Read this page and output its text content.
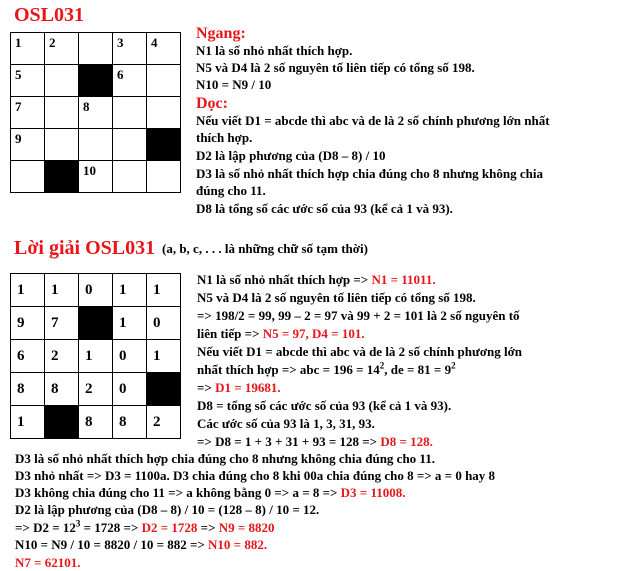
OSL031
1	2		3	4

5			6	

7		8		

9				

		10		

Ngang:
N1 là số nhỏ nhất thích hợp.
N5 và D4 là 2 số nguyên tố liên tiếp có tổng số 198.
N10 = N9 / 10
Dọc:
Nếu viết D1 = abcde thì abc và de là 2 số chính phương lớn nhất
thích hợp.
D2 là lập phương của (D8 – 8) / 10
D3 là số nhỏ nhất thích hợp chia đúng cho 8 nhưng không chia
đúng cho 11.
D8 là tổng số các ước số của 93 (kể cả 1 và 93).
Lời giải OSL031 (a, b, c, . . . là những chữ số tạm thời)
1	1	0	1	1

9	7		1	0

6	2	1	0	1

8	8	2	0	

1		8	8	2
N1 là số nhỏ nhất thích hợp => N1 = 11011.
N5 và D4 là 2 số nguyên tố liên tiếp có tổng số 198.
=> 198/2 = 99, 99 – 2 = 97 và 99 + 2 = 101 là 2 số nguyên tố
liên tiếp => N5 = 97, D4 = 101.
Nếu viết D1 = abcde thì abc và de là 2 số chính phương lớn
nhất thích hợp => abc = $196 = 14^2$, de = $81 = 9^2$
=> D1 = 19681.
D8 = tổng số các ước số của 93 (kể cả 1 và 93).
Các ước số của 93 là 1, 3, 31, 93.
=> D8 = 1 + 3 + 31 + 93 = 128 => D8 = 128.
D3 là số nhỏ nhất thích hợp chia đúng cho 8 nhưng không chia đúng cho 11.
D3 nhỏ nhất => D3 = 1100a. D3 chia đúng cho 8 khi 00a chia đúng cho 8 => a = 0 hay 8
D3 không chia đúng cho 11 => a không bằng 0 => a = 8 => D3 = 11008.
D2 là lập phương của (D8 – 8) / 10 = (128 – 8) / 10 = 12.
=> $D2 = 12^3 = 1728 => D2 = 1728 => N9 = 8820$
N10 = N9 / 10 = 8820 / 10 = 882 => N10 = 882.
N7 = 62101.
